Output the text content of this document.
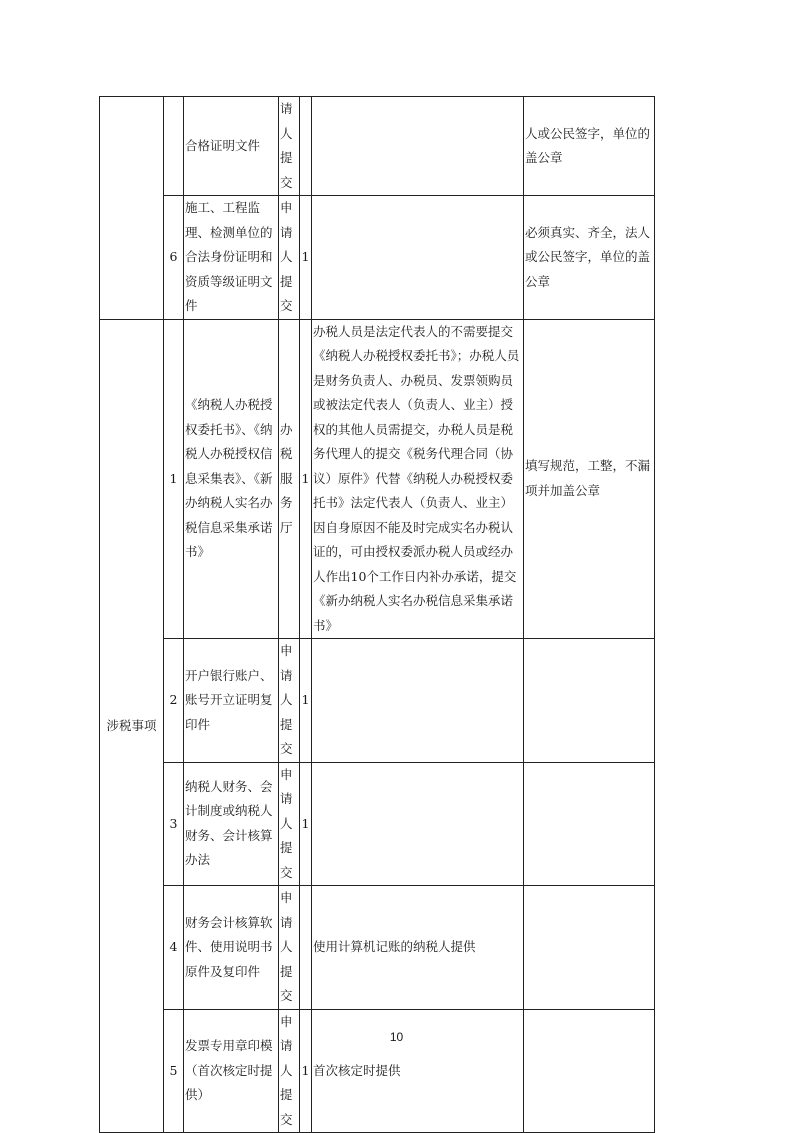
		合格证明文件	请人提交			人或公民签字，单位的盖公章
	6	施工、工程监理、检测单位的合法身份证明和资质等级证明文件	申请人提交	1		必须真实、齐全，法人或公民签字，单位的盖公章
涉税事项	1	《纳税人办税授权委托书》、《纳税人办税授权信息采集表》、《新办纳税人实名办税信息采集承诺书》	办税服务厅	1	办税人员是法定代表人的不需要提交《纳税人办税授权委托书》；办税人员是财务负责人、办税员、发票领购员或被法定代表人（负责人、业主）授权的其他人员需提交，办税人员是税务代理人的提交《税务代理合同（协议）原件》代替《纳税人办税授权委托书》法定代表人（负责人、业主）因自身原因不能及时完成实名办税认证的，可由授权委派办税人员或经办人作出10个工作日内补办承诺，提交《新办纳税人实名办税信息采集承诺书》	填写规范，工整，不漏项并加盖公章
	2	开户银行账户、账号开立证明复印件	申请人提交	1		
	3	纳税人财务、会计制度或纳税人财务、会计核算办法	申请人提交	1		
	4	财务会计核算软件、使用说明书原件及复印件	申请人提交		使用计算机记账的纳税人提供	
	5	发票专用章印模（首次核定时提供）	申请人提交	1	首次核定时提供	
10
